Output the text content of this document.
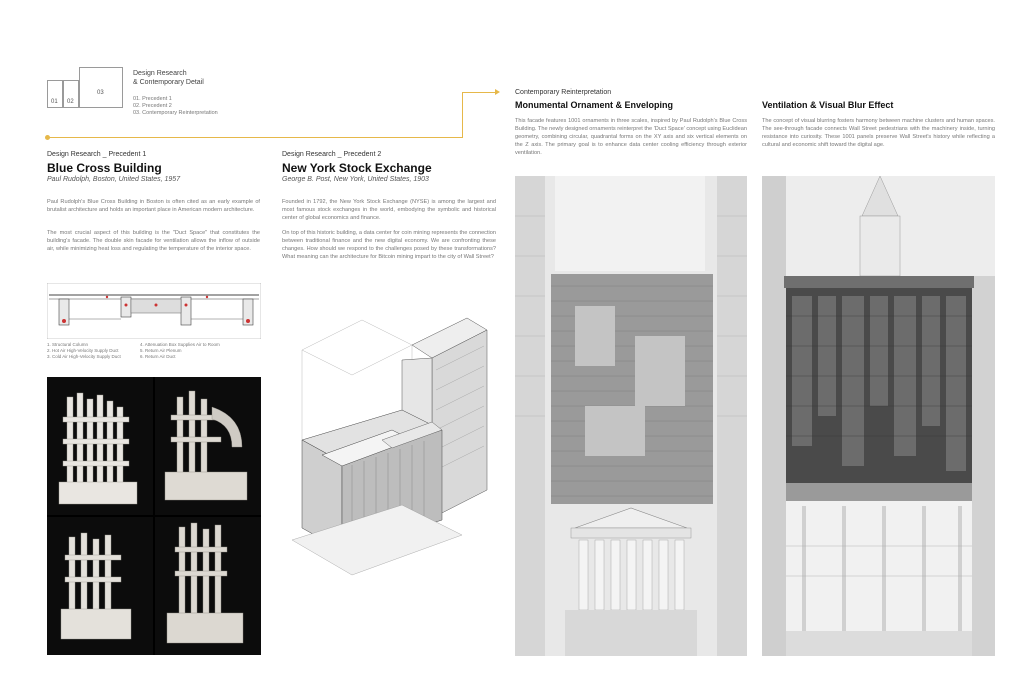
01 02
03
Design Research
& Contemporary Detail
01. Precedent 1
02. Precedent 2
03. Contemporary Reinterpretation
Design Research _ Precedent 1
Blue Cross Building
Paul Rudolph, Boston, United States, 1957
Paul Rudolph's Blue Cross Building in Boston is often cited as an early example of brutalist architecture and holds an important place in American modern architecture.
The most crucial aspect of this building is the "Duct Space" that constitutes the building's facade. The double skin facade for ventilation allows the inflow of outside air, while minimizing heat loss and regulating the temperature of the interior space.
1. Structural Column
2. Hot Air High-Velocity Supply Duct
3. Cold Air High-Velocity Supply Duct
4. Attenuation Box Supplies Air to Room
5. Return Air Plenum
6. Return Air Duct
Design Research _ Precedent 2
New York Stock Exchange
George B. Post, New York, United States, 1903
Founded in 1792, the New York Stock Exchange (NYSE) is among the largest and most famous stock exchanges in the world, embodying the symbolic and historical center of global economics and finance.
On top of this historic building, a data center for coin mining represents the connection between traditional finance and the new digital economy. We are confronting these changes. How should we respond to the challenges posed by these transformations? What meaning can the architecture for Bitcoin mining impart to the city of Wall Street?
Contemporary Reinterpretation
Monumental Ornament & Enveloping
This facade features 1001 ornaments in three scales, inspired by Paul Rudolph's Blue Cross Building. The newly designed ornaments reinterpret the 'Duct Space' concept using Euclidean geometry, combining circular, quadrantal forms on the XY axis and six vertical elements on the Z axis. The primary goal is to enhance data center cooling efficiency through exterior ventilation.
Ventilation & Visual Blur Effect
The concept of visual blurring fosters harmony between machine clusters and human spaces. The see-through facade connects Wall Street pedestrians with the machinery inside, turning resistance into curiosity. These 1001 panels preserve Wall Street's history while reflecting a cultural and economic shift toward the digital age.
